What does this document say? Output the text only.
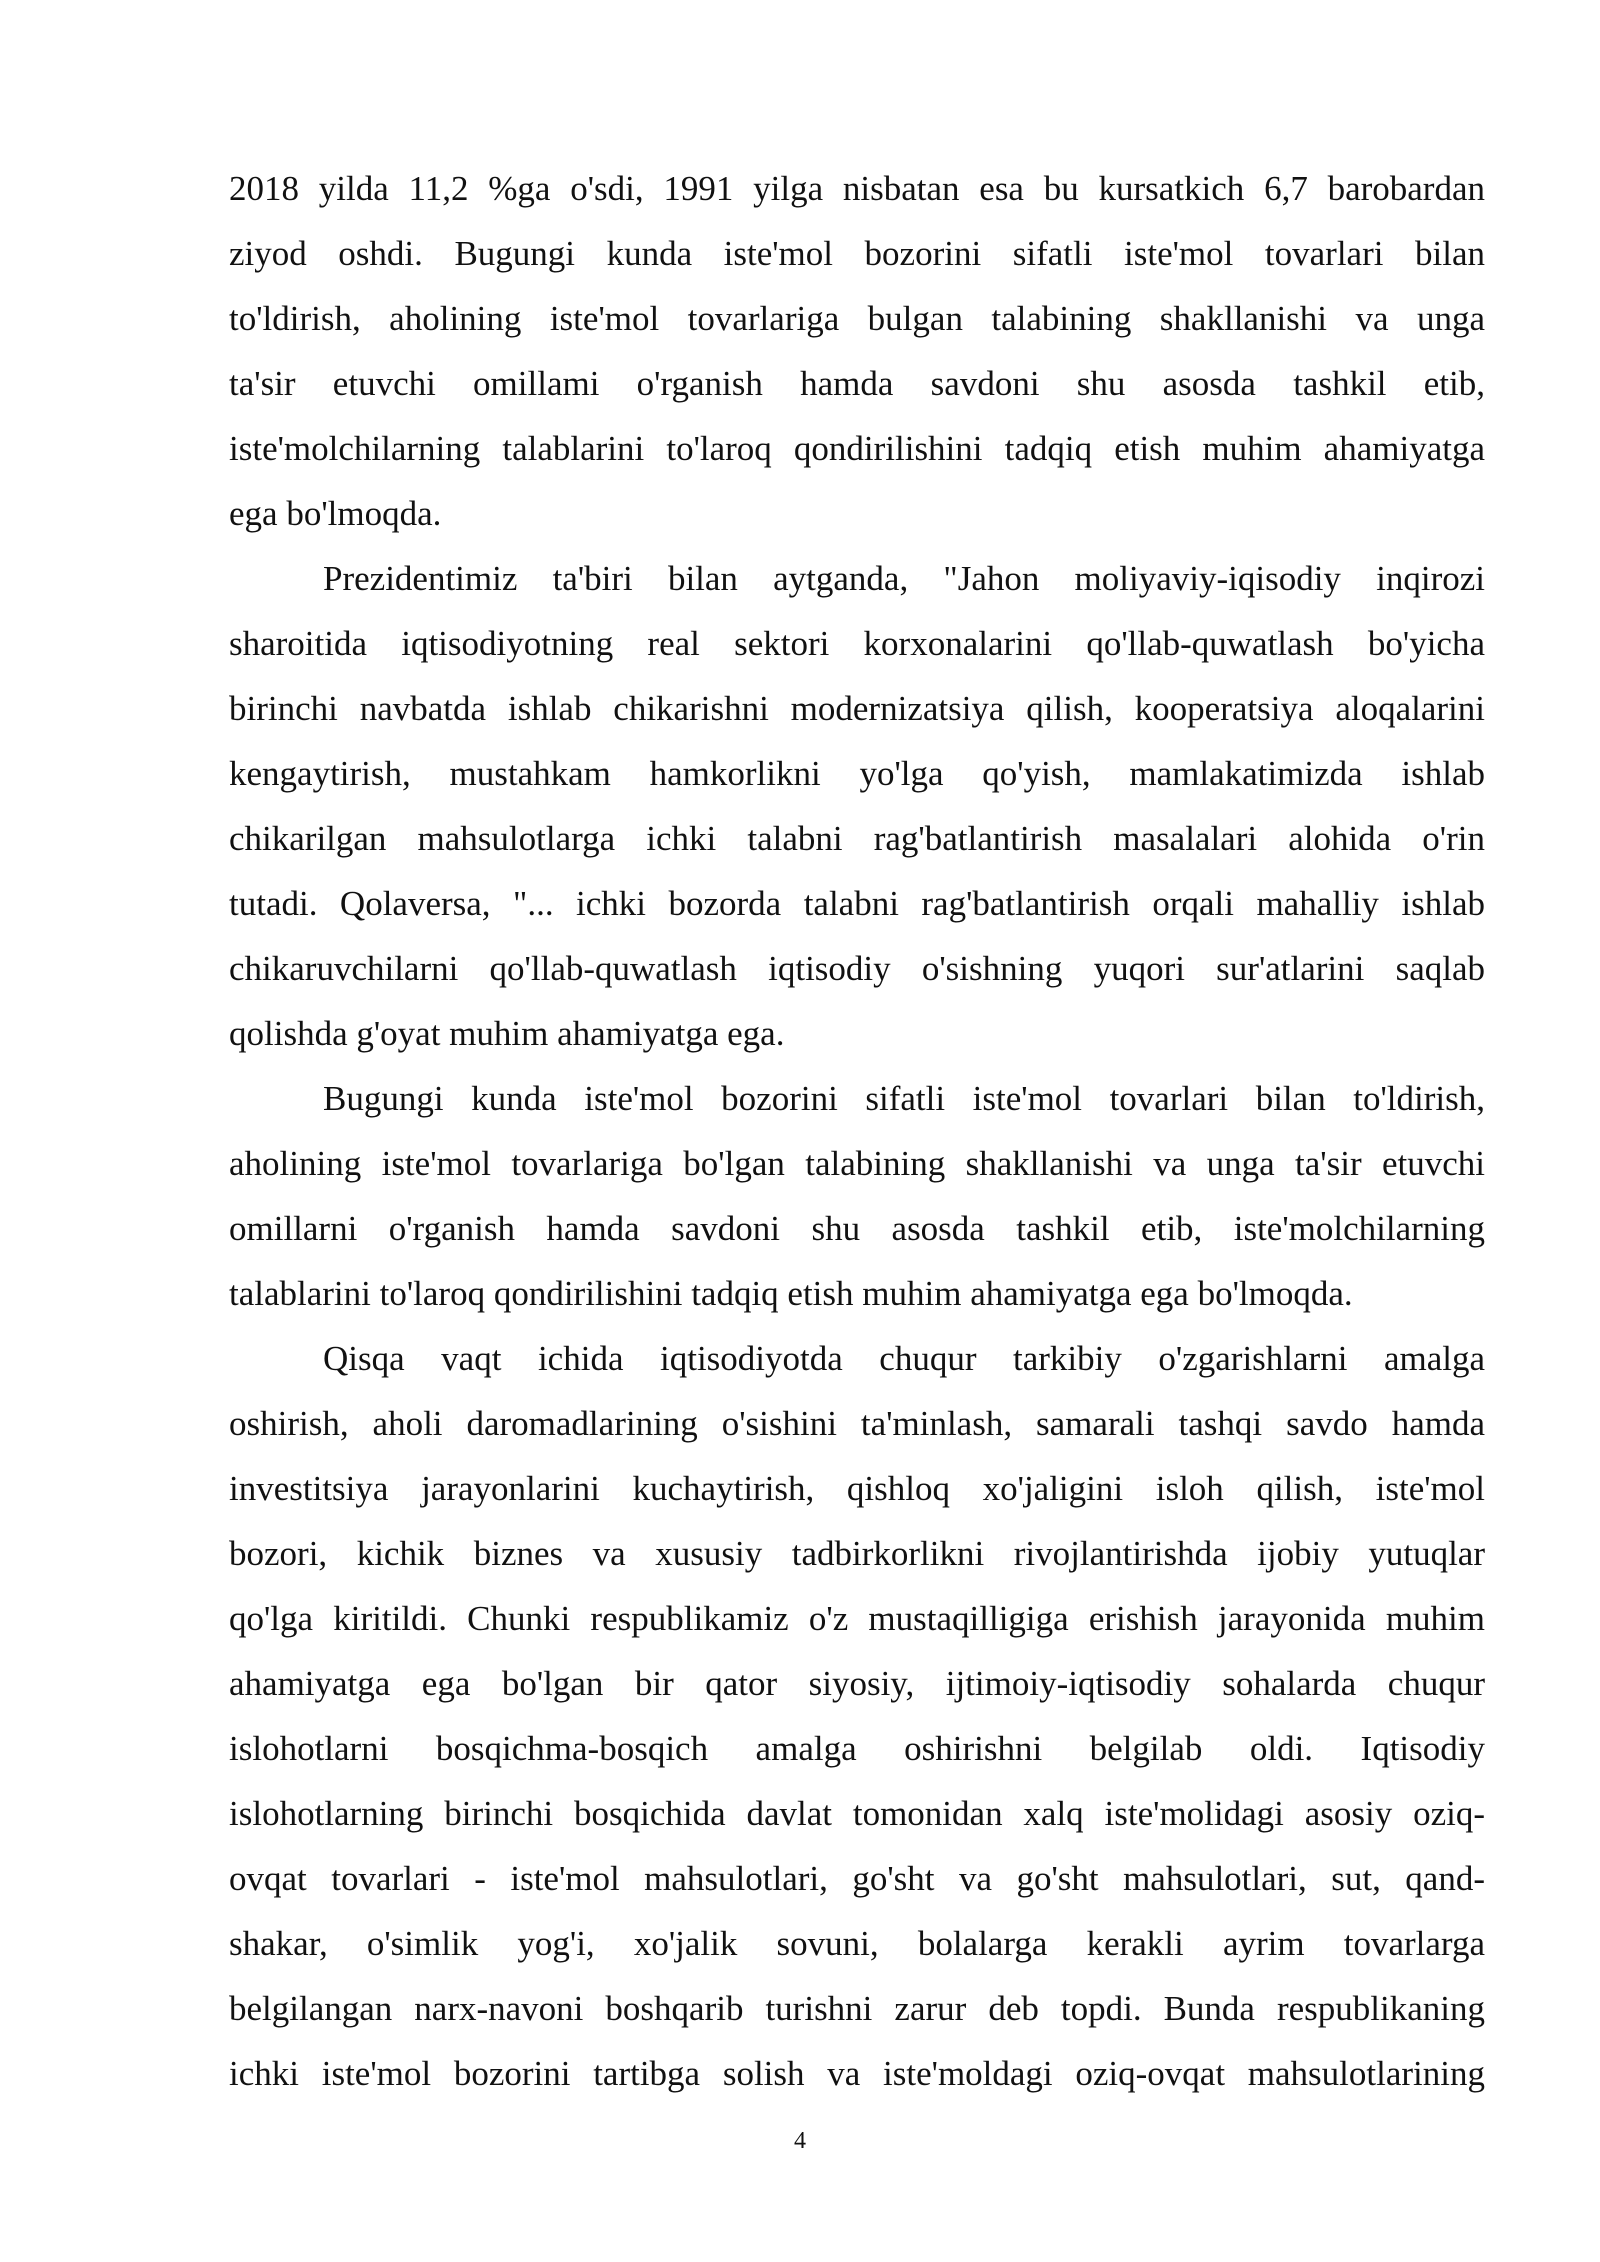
2018 yilda 11,2 %ga o'sdi, 1991 yilga nisbatan esa bu kursatkich 6,7 barobardan
ziyod oshdi. Bugungi kunda iste'mol bozorini sifatli iste'mol tovarlari bilan
to'ldirish, aholining iste'mol tovarlariga bulgan talabining shakllanishi va unga
ta'sir etuvchi omillami o'rganish hamda savdoni shu asosda tashkil etib,
iste'molchilarning talablarini to'laroq qondirilishini tadqiq etish muhim ahamiyatga
ega bo'lmoqda.

Prezidentimiz ta'biri bilan aytganda, "Jahon moliyaviy-iqisodiy inqirozi
sharoitida iqtisodiyotning real sektori korxonalarini qo'llab-quwatlash bo'yicha
birinchi navbatda ishlab chikarishni modernizatsiya qilish, kooperatsiya aloqalarini
kengaytirish, mustahkam hamkorlikni yo'lga qo'yish, mamlakatimizda ishlab
chikarilgan mahsulotlarga ichki talabni rag'batlantirish masalalari alohida o'rin
tutadi. Qolaversa, "... ichki bozorda talabni rag'batlantirish orqali mahalliy ishlab
chikaruvchilarni qo'llab-quwatlash iqtisodiy o'sishning yuqori sur'atlarini saqlab
qolishda g'oyat muhim ahamiyatga ega.

Bugungi kunda iste'mol bozorini sifatli iste'mol tovarlari bilan to'ldirish,
aholining iste'mol tovarlariga bo'lgan talabining shakllanishi va unga ta'sir etuvchi
omillarni o'rganish hamda savdoni shu asosda tashkil etib, iste'molchilarning
talablarini to'laroq qondirilishini tadqiq etish muhim ahamiyatga ega bo'lmoqda.

Qisqa vaqt ichida iqtisodiyotda chuqur tarkibiy o'zgarishlarni amalga
oshirish, aholi daromadlarining o'sishini ta'minlash, samarali tashqi savdo hamda
investitsiya jarayonlarini kuchaytirish, qishloq xo'jaligini isloh qilish, iste'mol
bozori, kichik biznes va xususiy tadbirkorlikni rivojlantirishda ijobiy yutuqlar
qo'lga kiritildi. Chunki respublikamiz o'z mustaqilligiga erishish jarayonida muhim
ahamiyatga ega bo'lgan bir qator siyosiy, ijtimoiy-iqtisodiy sohalarda chuqur
islohotlarni bosqichma-bosqich amalga oshirishni belgilab oldi. Iqtisodiy
islohotlarning birinchi bosqichida davlat tomonidan xalq iste'molidagi asosiy oziq-
ovqat tovarlari - iste'mol mahsulotlari, go'sht va go'sht mahsulotlari, sut, qand-
shakar, o'simlik yog'i, xo'jalik sovuni, bolalarga kerakli ayrim tovarlarga
belgilangan narx-navoni boshqarib turishni zarur deb topdi. Bunda respublikaning
ichki iste'mol bozorini tartibga solish va iste'moldagi oziq-ovqat mahsulotlarining

4
